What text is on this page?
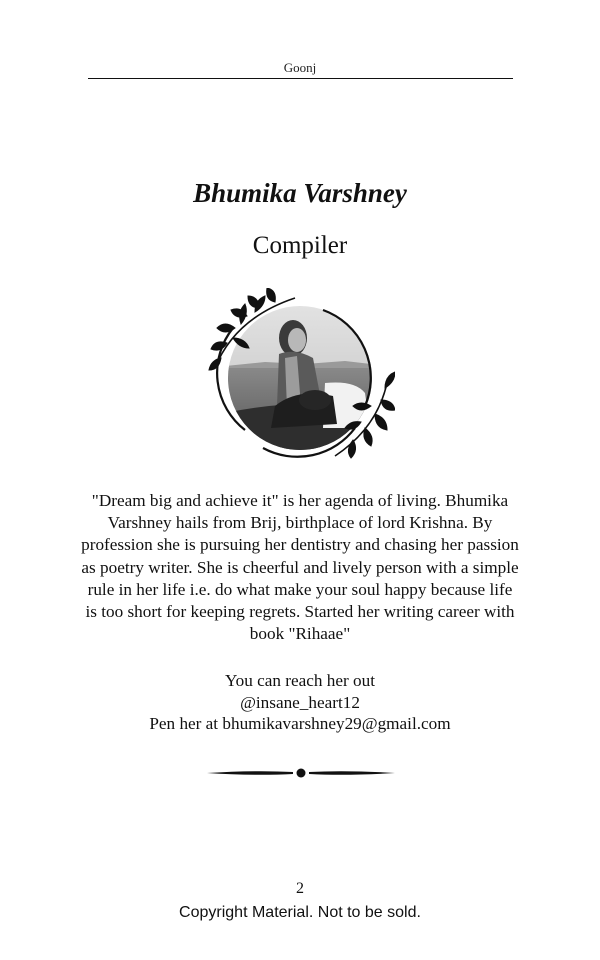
Goonj
Bhumika Varshney
Compiler
"Dream big and achieve it" is her agenda of living. Bhumika Varshney hails from Brij, birthplace of lord Krishna. By profession she is pursuing her dentistry and chasing her passion as poetry writer. She is cheerful and lively person with a simple rule in her life i.e. do what make your soul happy because life is too short for keeping regrets. Started her writing career with book "Rihaae"
You can reach her out
@insane_heart12
Pen her at bhumikavarshney29@gmail.com
2
Copyright Material. Not to be sold.
